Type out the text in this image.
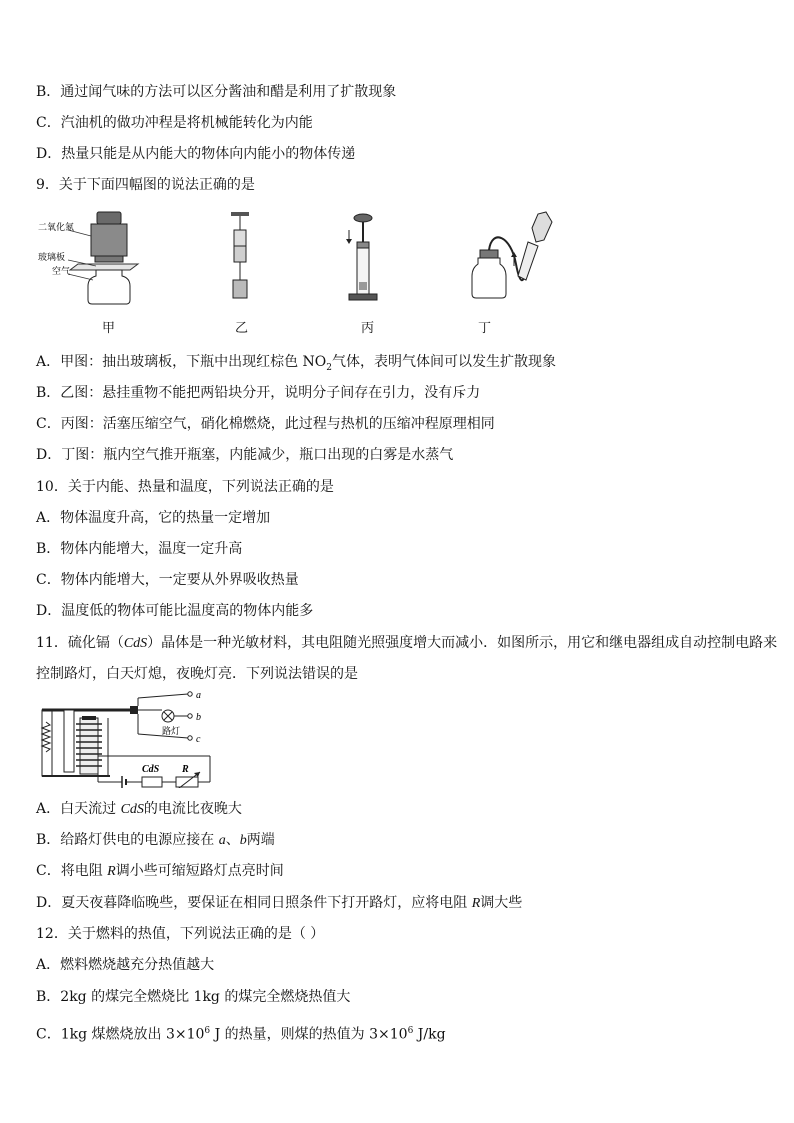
B．通过闻气味的方法可以区分酱油和醋是利用了扩散现象
C．汽油机的做功冲程是将机械能转化为内能
D．热量只能是从内能大的物体向内能小的物体传递
9．关于下面四幅图的说法正确的是
二氧化氮
玻璃板
空气
甲	乙	丙	丁
A．甲图：抽出玻璃板，下瓶中出现红棕色 $NO_2$气体，表明气体间可以发生扩散现象
B．乙图：悬挂重物不能把两铅块分开，说明分子间存在引力，没有斥力
C．丙图：活塞压缩空气，硝化棉燃烧，此过程与热机的压缩冲程原理相同
D．丁图：瓶内空气推开瓶塞，内能减少，瓶口出现的白雾是水蒸气
10．关于内能、热量和温度，下列说法正确的是
A．物体温度升高，它的热量一定增加
B．物体内能增大，温度一定升高
C．物体内能增大，一定要从外界吸收热量
D．温度低的物体可能比温度高的物体内能多
11．硫化镉（CdS）晶体是一种光敏材料，其电阻随光照强度增大而减小．如图所示，用它和继电器组成自动控制电路来
控制路灯，白天灯熄，夜晚灯亮．下列说法错误的是
a
b
c
路灯
CdS R
A．白天流过 CdS的电流比夜晚大
B．给路灯供电的电源应接在 a、b两端
C．将电阻 R调小些可缩短路灯点亮时间
D．夏天夜暮降临晚些，要保证在相同日照条件下打开路灯，应将电阻 R调大些
12．关于燃料的热值，下列说法正确的是（ ）
A．燃料燃烧越充分热值越大
B．2kg 的煤完全燃烧比 1kg 的煤完全燃烧热值大
C．1kg 煤燃烧放出 $3\times 10^6$ J 的热量，则煤的热值为 $3\times 10^6$ J/kg
